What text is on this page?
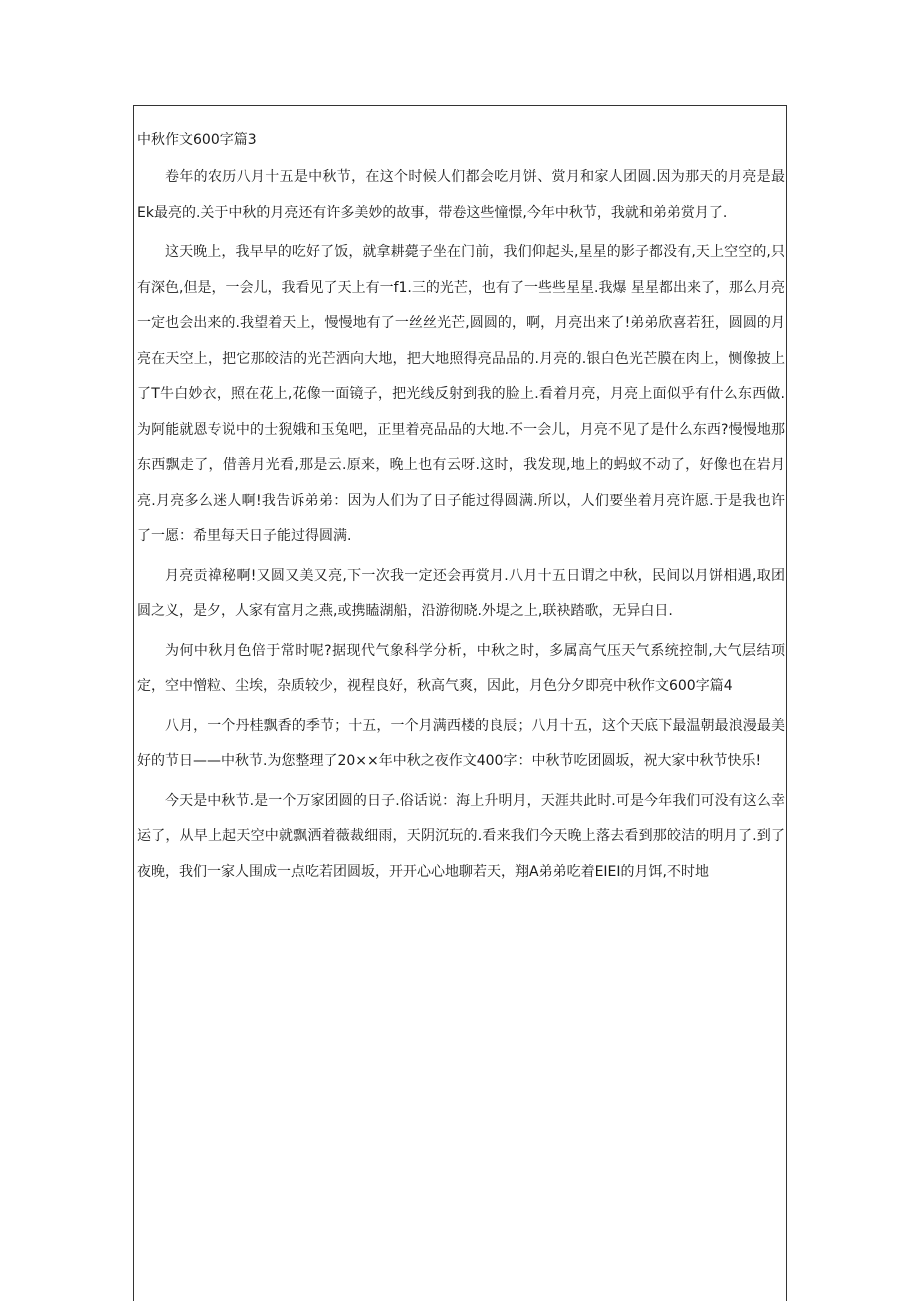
中秋作文600字篇3

卷年的农历八月十五是中秋节，在这个时候人们都会吃月饼、赏月和家人团圆.因为那天的月亮是最Ek最亮的.关于中秋的月亮还有许多美妙的故事，带卷这些憧憬,今年中秋节，我就和弟弟赏月了.

这天晚上，我早早的吃好了饭，就拿耕薨子坐在门前，我们仰起头,星星的影子都没有,天上空空的,只有深色,但是，一会儿，我看见了天上有一f1.三的光芒，也有了一些些星星.我爆 星星都出来了，那么月亮一定也会出来的.我望着天上，慢慢地有了一丝丝光芒,圆圆的，啊，月亮出来了!弟弟欣喜若狂，圆圆的月亮在天空上，把它那皎洁的光芒洒向大地，把大地照得亮品品的.月亮的.银白色光芒膜在肉上，恻像披上了T牛白妙衣，照在花上,花像一面镜子，把光线反射到我的脸上.看着月亮，月亮上面似乎有什么东西做.为阿能就恩专说中的士猊娥和玉兔吧，正里着亮品品的大地.不一会儿，月亮不见了是什么东西?慢慢地那东西飘走了，借善月光看,那是云.原来，晚上也有云呀.这时，我发现,地上的蚂蚁不动了，好像也在岩月亮.月亮多么迷人啊!我告诉弟弟：因为人们为了日子能过得圆满.所以，人们要坐着月亮许愿.于是我也许了一愿：希里每天日子能过得圆满.

月亮贡禕秘啊!又圆又美又亮,下一次我一定还会再赏月.八月十五日谓之中秋，民间以月饼相遇,取团圆之义，是夕，人家有富月之燕,或携瞌湖船，沿游彻晓.外堤之上,联袂踏歌，无异白日.

为何中秋月色倍于常时呢?据现代气象科学分析，中秋之时，多属高气压天气系统控制,大气层结项定，空中憎粒、尘埃，杂质较少，视程良好，秋高气爽，因此，月色分夕即亮中秋作文600字篇4

八月，一个丹桂飘香的季节；十五，一个月满西楼的良辰；八月十五，这个天底下最温朝最浪漫最美好的节日——中秋节.为您整理了20××年中秋之夜作文400字：中秋节吃团圆坂，祝大家中秋节快乐!

今天是中秋节.是一个万家团圆的日子.俗话说：海上升明月，天涯共此时.可是今年我们可没有这么幸运了，从早上起天空中就飘洒着薇裁细雨，天阴沉玩的.看来我们今天晚上落去看到那皎洁的明月了.到了夜晚，我们一家人围成一点吃若团圆坂，开开心心地聊若天，翔A弟弟吃着EIEI的月饵,不时地
